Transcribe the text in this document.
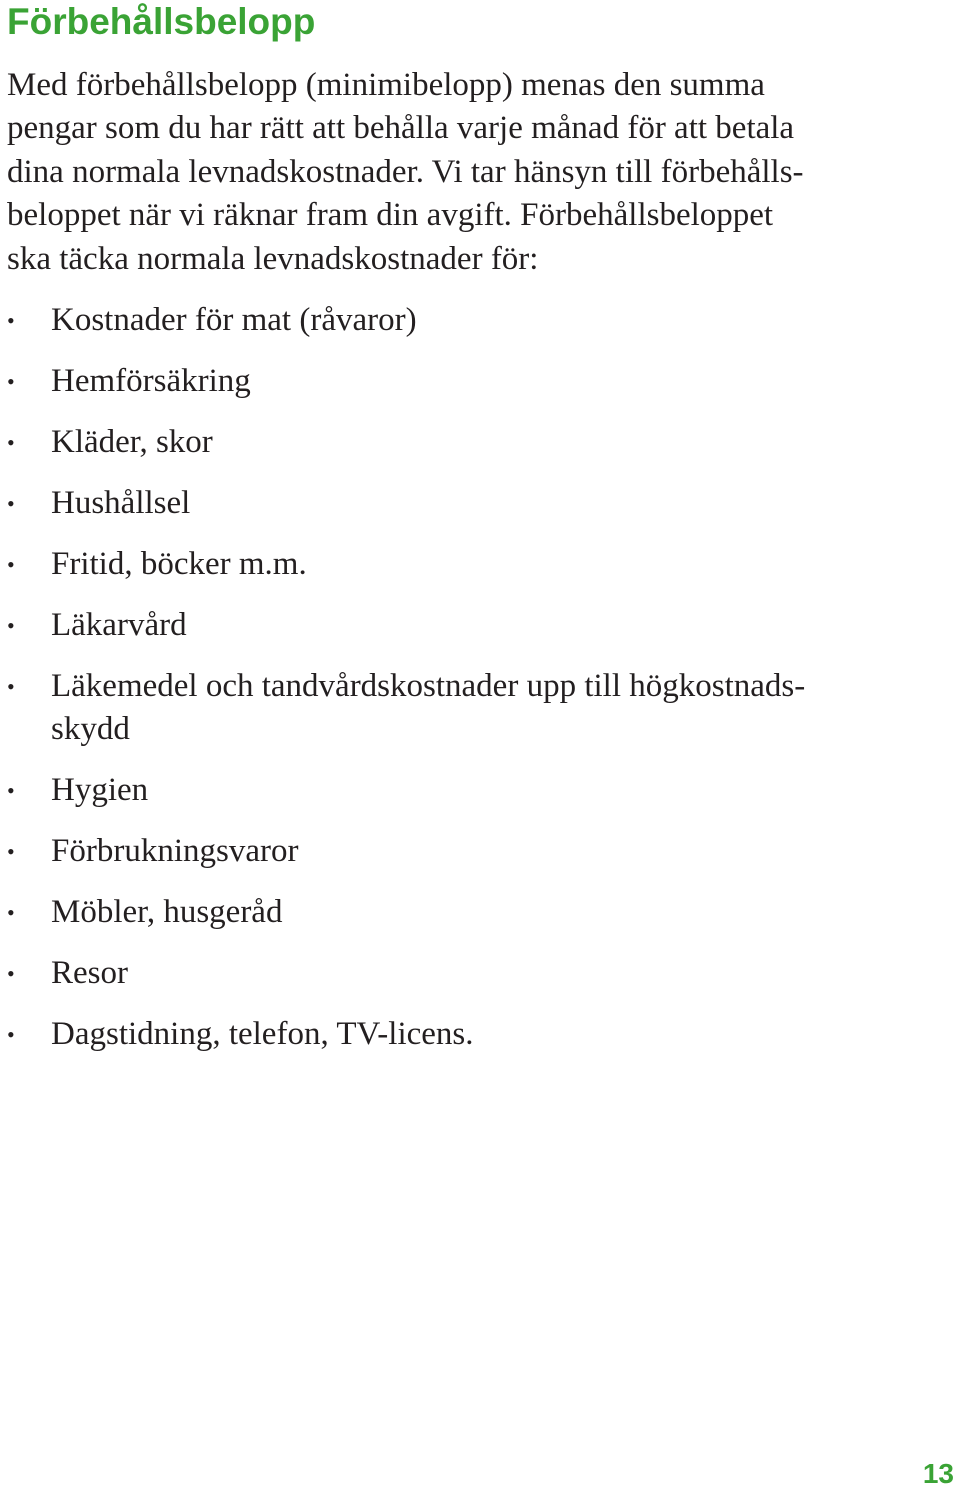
Förbehållsbelopp

Med förbehållsbelopp (minimibelopp) menas den summa
pengar som du har rätt att behålla varje månad för att betala
dina normala levnadskostnader. Vi tar hänsyn till förbehålls-
beloppet när vi räknar fram din avgift. Förbehållsbeloppet
ska täcka normala levnadskostnader för:

• Kostnader för mat (råvaror)
• Hemförsäkring
• Kläder, skor
• Hushållsel
• Fritid, böcker m.m.
• Läkarvård
• Läkemedel och tandvårdskostnader upp till högkostnads-
skydd
• Hygien
• Förbrukningsvaror
• Möbler, husgeråd
• Resor
• Dagstidning, telefon, TV-licens.
13
